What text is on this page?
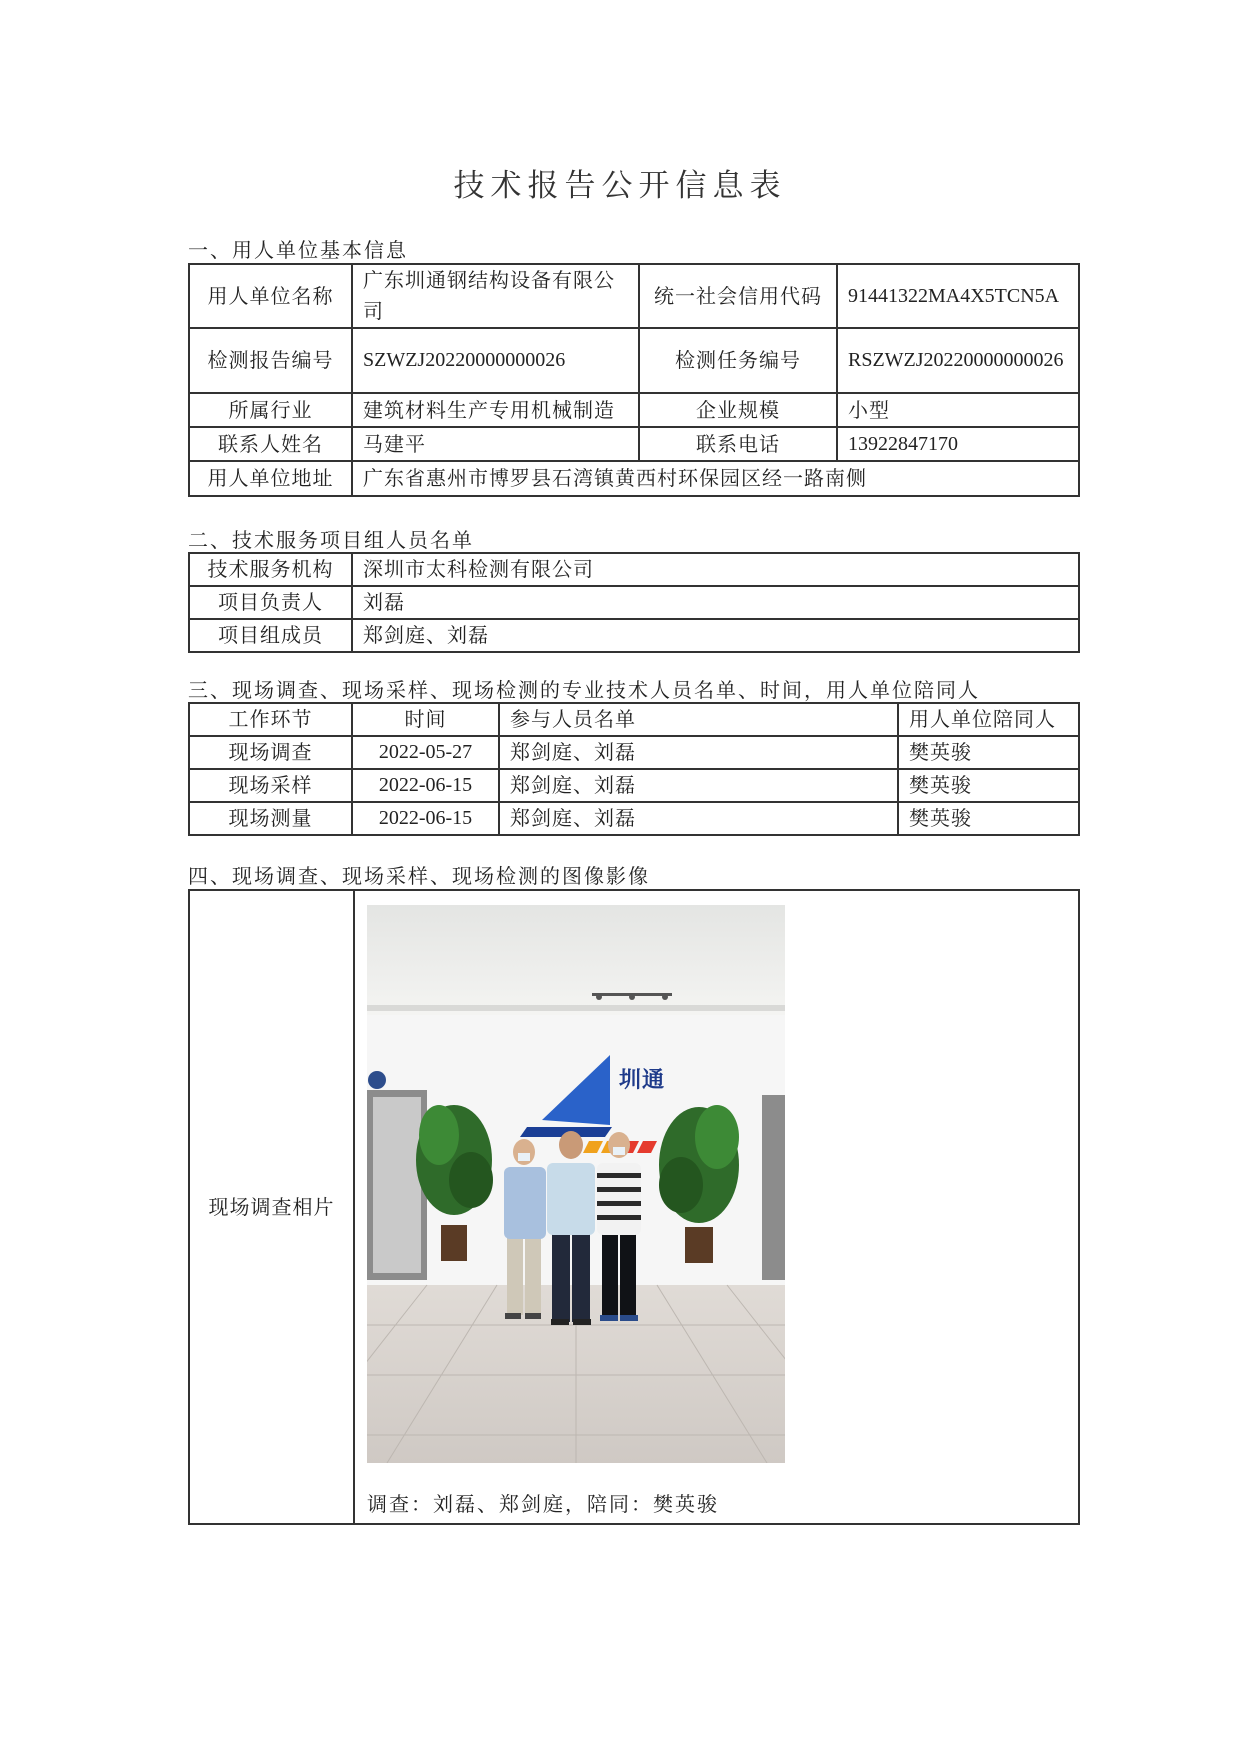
技术报告公开信息表
一、用人单位基本信息
用人单位名称	广东圳通钢结构设备有限公司	统一社会信用代码	91441322MA4X5TCN5A
检测报告编号	SZWZJ20220000000026	检测任务编号	RSZWZJ20220000000026
所属行业	建筑材料生产专用机械制造	企业规模	小型
联系人姓名	马建平	联系电话	13922847170
用人单位地址	广东省惠州市博罗县石湾镇黄西村环保园区经一路南侧		
二、技术服务项目组人员名单
技术服务机构	深圳市太科检测有限公司
项目负责人	刘磊
项目组成员	郑剑庭、刘磊
三、现场调查、现场采样、现场检测的专业技术人员名单、时间，用人单位陪同人
工作环节	时间	参与人员名单	用人单位陪同人
现场调查	2022-05-27	郑剑庭、刘磊	樊英骏
现场采样	2022-06-15	郑剑庭、刘磊	樊英骏
现场测量	2022-06-15	郑剑庭、刘磊	樊英骏
四、现场调查、现场采样、现场检测的图像影像
现场调查相片	
圳通
调查：刘磊、郑剑庭，陪同：樊英骏
